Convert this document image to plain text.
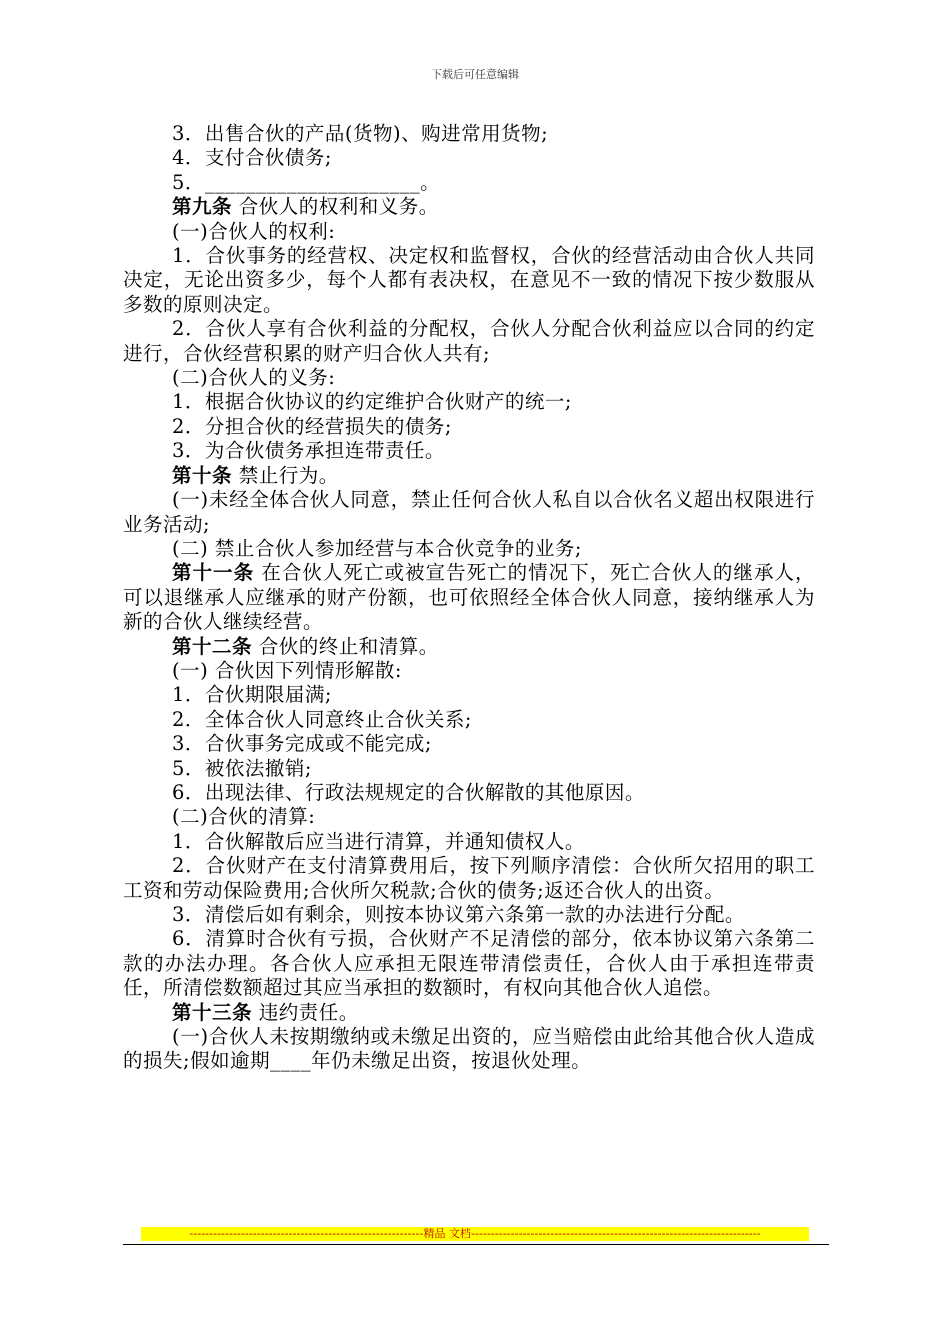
下载后可任意编辑
3．出售合伙的产品(货物)、购进常用货物;
4．支付合伙债务;
5．_____________________。
第九条 合伙人的权利和义务。
(一)合伙人的权利:
1．合伙事务的经营权、决定权和监督权，合伙的经营活动由合伙人共同决定，无论出资多少，每个人都有表决权，在意见不一致的情况下按少数服从多数的原则决定。
2．合伙人享有合伙利益的分配权，合伙人分配合伙利益应以合同的约定进行，合伙经营积累的财产归合伙人共有;
(二)合伙人的义务:
1．根据合伙协议的约定维护合伙财产的统一;
2．分担合伙的经营损失的债务;
3．为合伙债务承担连带责任。
第十条 禁止行为。
(一)未经全体合伙人同意，禁止任何合伙人私自以合伙名义超出权限进行业务活动;
(二) 禁止合伙人参加经营与本合伙竞争的业务;
第十一条 在合伙人死亡或被宣告死亡的情况下，死亡合伙人的继承人，可以退继承人应继承的财产份额，也可依照经全体合伙人同意，接纳继承人为新的合伙人继续经营。
第十二条 合伙的终止和清算。
(一) 合伙因下列情形解散:
1．合伙期限届满;
2．全体合伙人同意终止合伙关系;
3．合伙事务完成或不能完成;
5．被依法撤销;
6．出现法律、行政法规规定的合伙解散的其他原因。
(二)合伙的清算:
1．合伙解散后应当进行清算，并通知债权人。
2．合伙财产在支付清算费用后，按下列顺序清偿：合伙所欠招用的职工工资和劳动保险费用;合伙所欠税款;合伙的债务;返还合伙人的出资。
3．清偿后如有剩余，则按本协议第六条第一款的办法进行分配。
6．清算时合伙有亏损，合伙财产不足清偿的部分，依本协议第六条第二款的办法办理。各合伙人应承担无限连带清偿责任，合伙人由于承担连带责任，所清偿数额超过其应当承担的数额时，有权向其他合伙人追偿。
第十三条 违约责任。
(一)合伙人未按期缴纳或未缴足出资的，应当赔偿由此给其他合伙人造成的损失;假如逾期____年仍未缴足出资，按退伙处理。
-----------------------------------------------------------精品 文档-------------------------------------------------------------------------
